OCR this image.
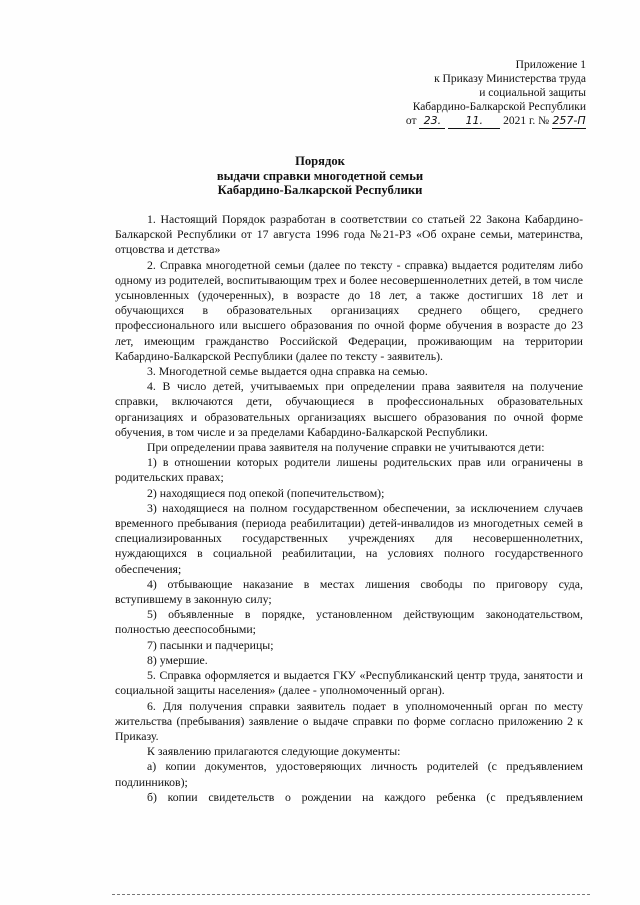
Приложение 1
к Приказу Министерства труда
и социальной защиты
Кабардино-Балкарской Республики
от 23. 11. 2021 г. № 257-П
Порядок
выдачи справки многодетной семьи
Кабардино-Балкарской Республики

1. Настоящий Порядок разработан в соответствии со статьей 22 Закона Кабардино-Балкарской Республики от 17 августа 1996 года №21-РЗ «Об охране семьи, материнства, отцовства и детства»

2. Справка многодетной семьи (далее по тексту - справка) выдается родителям либо одному из родителей, воспитывающим трех и более несовершеннолетних детей, в том числе усыновленных (удочеренных), в возрасте до 18 лет, а также достигших 18 лет и обучающихся в образовательных организациях среднего общего, среднего профессионального или высшего образования по очной форме обучения в возрасте до 23 лет, имеющим гражданство Российской Федерации, проживающим на территории Кабардино-Балкарской Республики (далее по тексту - заявитель).

3. Многодетной семье выдается одна справка на семью.

4. В число детей, учитываемых при определении права заявителя на получение справки, включаются дети, обучающиеся в профессиональных образовательных организациях и образовательных организациях высшего образования по очной форме обучения, в том числе и за пределами Кабардино-Балкарской Республики.

При определении права заявителя на получение справки не учитываются дети:

1) в отношении которых родители лишены родительских прав или ограничены в родительских правах;

2) находящиеся под опекой (попечительством);

3) находящиеся на полном государственном обеспечении, за исключением случаев временного пребывания (периода реабилитации) детей-инвалидов из многодетных семей в специализированных государственных учреждениях для несовершеннолетних, нуждающихся в социальной реабилитации, на условиях полного государственного обеспечения;

4) отбывающие наказание в местах лишения свободы по приговору суда, вступившему в законную силу;

5) объявленные в порядке, установленном действующим законодательством, полностью дееспособными;

7) пасынки и падчерицы;

8) умершие.

5. Справка оформляется и выдается ГКУ «Республиканский центр труда, занятости и социальной защиты населения» (далее - уполномоченный орган).

6. Для получения справки заявитель подает в уполномоченный орган по месту жительства (пребывания) заявление о выдаче справки по форме согласно приложению 2 к Приказу.

К заявлению прилагаются следующие документы:

а) копии документов, удостоверяющих личность родителей (с предъявлением подлинников);

б) копии свидетельств о рождении на каждого ребенка (с предъявлением
